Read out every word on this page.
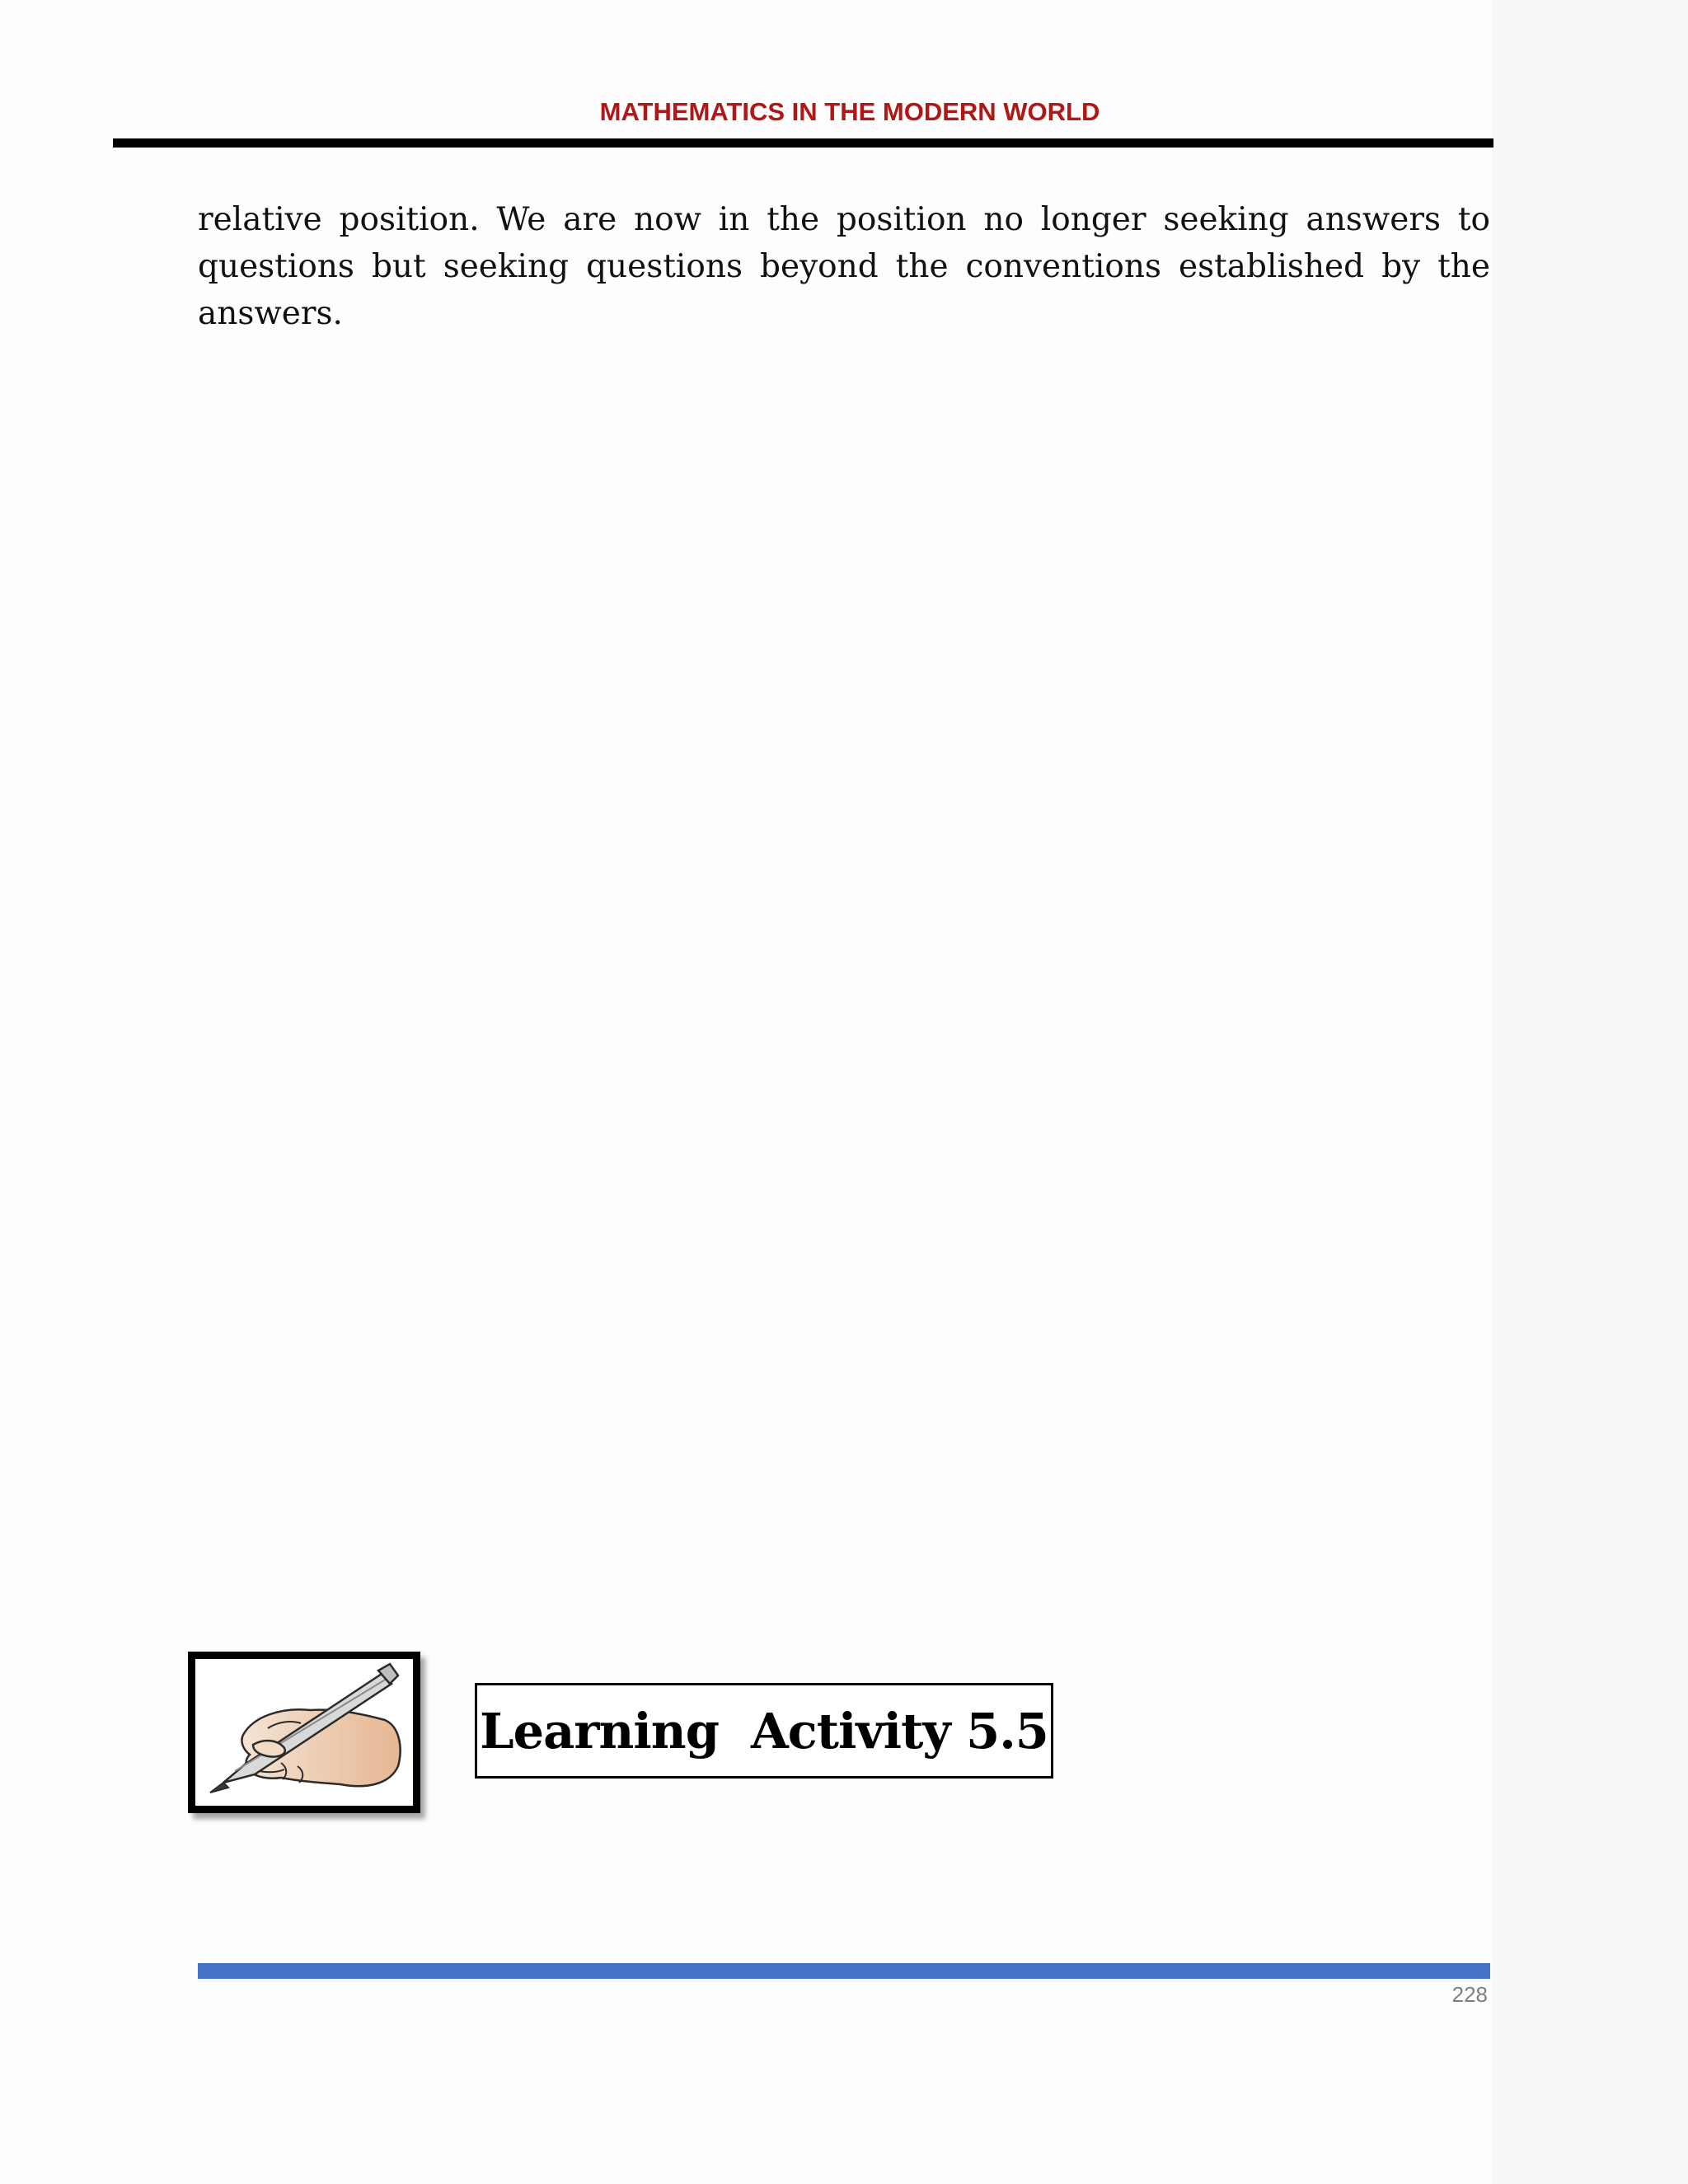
MATHEMATICS IN THE MODERN WORLD

relative position. We are now in the position no longer seeking answers to questions but seeking questions beyond the conventions established by the answers.

Learning  Activity 5.5
228
